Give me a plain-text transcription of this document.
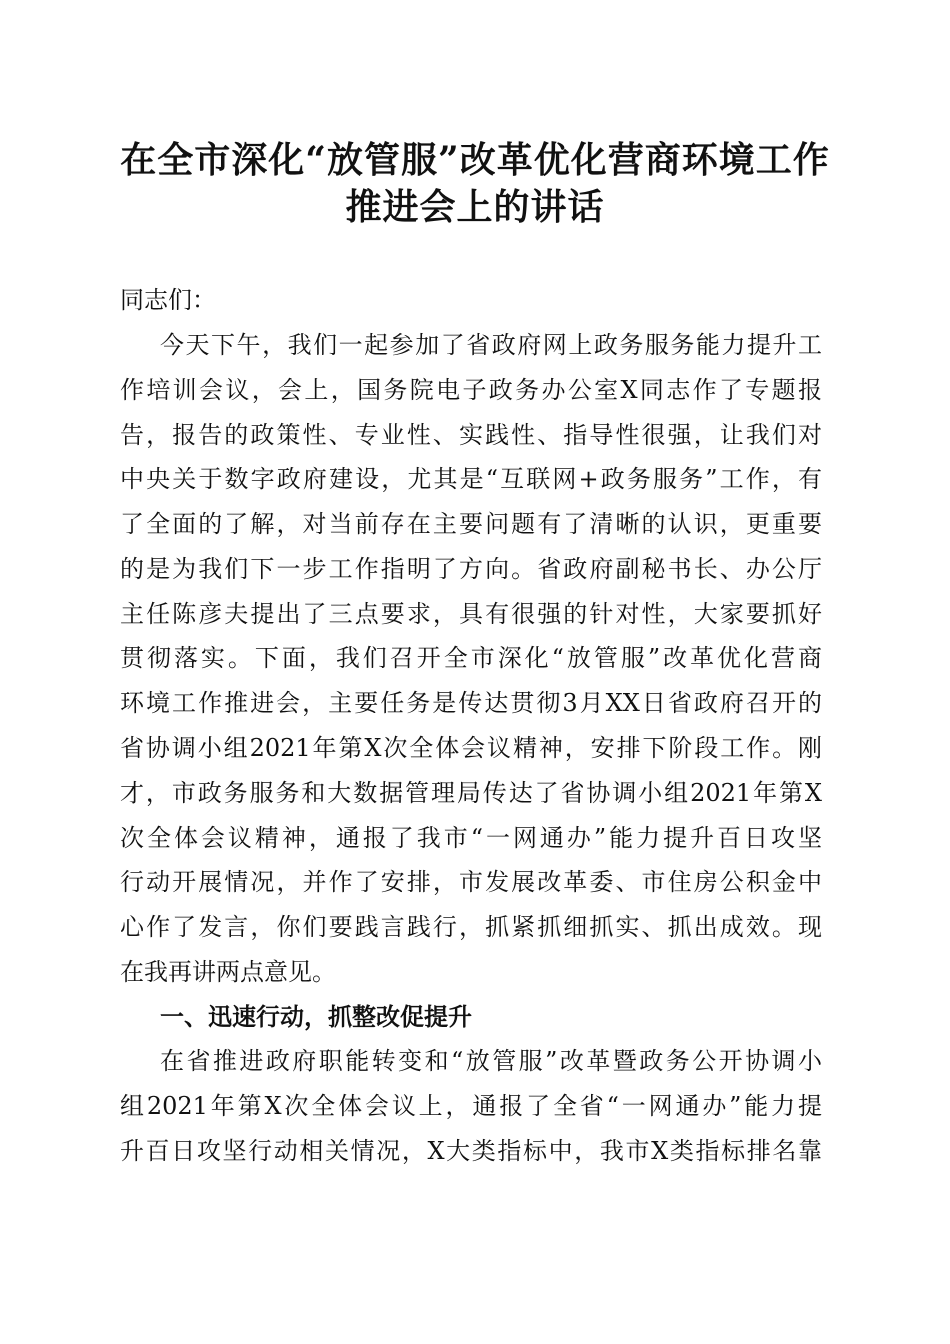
在全市深化“放管服”改革优化营商环境工作
推进会上的讲话
同志们：
今天下午，我们一起参加了省政府网上政务服务能力提升工
作培训会议，会上，国务院电子政务办公室X同志作了专题报
告，报告的政策性、专业性、实践性、指导性很强，让我们对
中央关于数字政府建设，尤其是“互联网+政务服务”工作，有
了全面的了解，对当前存在主要问题有了清晰的认识，更重要
的是为我们下一步工作指明了方向。省政府副秘书长、办公厅
主任陈彦夫提出了三点要求，具有很强的针对性，大家要抓好
贯彻落实。下面，我们召开全市深化“放管服”改革优化营商
环境工作推进会，主要任务是传达贯彻3月XX日省政府召开的
省协调小组2021年第X次全体会议精神，安排下阶段工作。刚
才，市政务服务和大数据管理局传达了省协调小组2021年第X
次全体会议精神，通报了我市“一网通办”能力提升百日攻坚
行动开展情况，并作了安排，市发展改革委、市住房公积金中
心作了发言，你们要践言践行，抓紧抓细抓实、抓出成效。现
在我再讲两点意见。
一、迅速行动，抓整改促提升
在省推进政府职能转变和“放管服”改革暨政务公开协调小
组2021年第X次全体会议上，通报了全省“一网通办”能力提
升百日攻坚行动相关情况，X大类指标中，我市X类指标排名靠
